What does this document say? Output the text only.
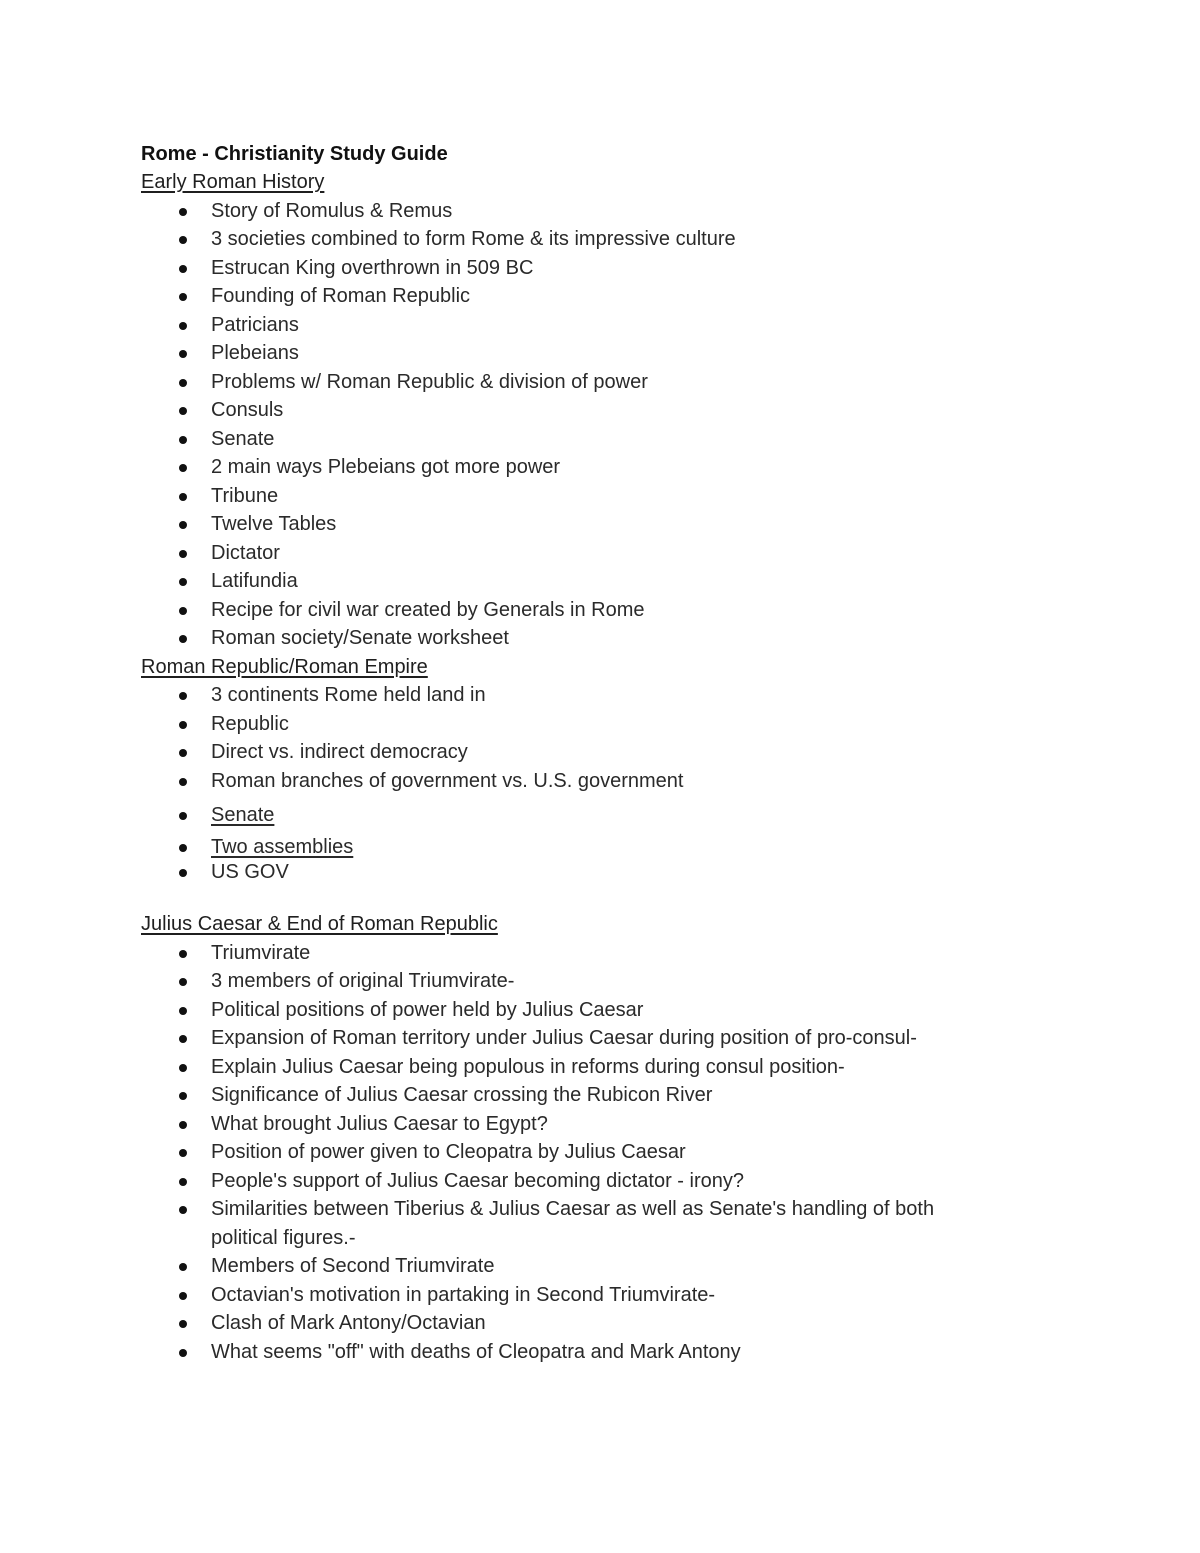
Rome - Christianity Study Guide
Early Roman History
Story of Romulus & Remus
3 societies combined to form Rome & its impressive culture
Estrucan King overthrown in 509 BC
Founding of Roman Republic
Patricians
Plebeians
Problems w/ Roman Republic & division of power
Consuls
Senate
2 main ways Plebeians got more power
Tribune
Twelve Tables
Dictator
Latifundia
Recipe for civil war created by Generals in Rome
Roman society/Senate worksheet
Roman Republic/Roman Empire
3 continents Rome held land in
Republic
Direct vs. indirect democracy
Roman branches of government vs. U.S. government
Senate
Two assemblies
US GOV
Julius Caesar & End of Roman Republic
Triumvirate
3 members of original Triumvirate-
Political positions of power held by Julius Caesar
Expansion of Roman territory under Julius Caesar during position of pro-consul-
Explain Julius Caesar being populous in reforms during consul position-
Significance of Julius Caesar crossing the Rubicon River
What brought Julius Caesar to Egypt?
Position of power given to Cleopatra by Julius Caesar
People's support of Julius Caesar becoming dictator - irony?
Similarities between Tiberius & Julius Caesar as well as Senate's handling of both political figures.-
Members of Second Triumvirate
Octavian's motivation in partaking in Second Triumvirate-
Clash of Mark Antony/Octavian
What seems "off" with deaths of Cleopatra and Mark Antony
